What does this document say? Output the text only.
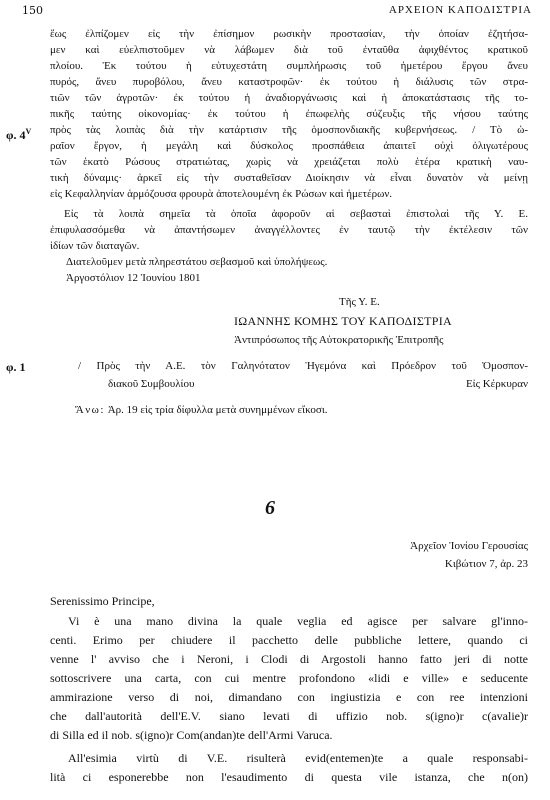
150	ΑΡΧΕΙΟΝ ΚΑΠΟΔΙΣΤΡΙΑ
ἕως ἐλπίζομεν εἰς τὴν ἐπίσημον ρωσικὴν προστασίαν, τὴν ὁποίαν ἐζητήσα-
μεν καὶ εὐελπιστοῦμεν νὰ λάβωμεν διὰ τοῦ ἐνταῦθα ἀφιχθέντος κρατικοῦ
πλοίου. Ἐκ τούτου ἡ εὐτυχεστάτη συμπλήρωσις τοῦ ἡμετέρου ἔργου ἄνευ
πυρός, ἄνευ πυροβόλου, ἄνευ καταστροφῶν· ἐκ τούτου ἡ διάλυσις τῶν στρα-
τιῶν τῶν ἀγροτῶν· ἐκ τούτου ἡ ἀναδιοργάνωσις καὶ ἡ ἀποκατάστασις τῆς το-
πικῆς ταύτης οἰκονομίας· ἐκ τούτου ἡ ἐπωφελὴς σύζευξις τῆς νήσου ταύτης
πρὸς τὰς λοιπὰς διὰ τὴν κατάρτισιν τῆς ὁμοσπονδιακῆς κυβερνήσεως. / Τὸ ὡ-
ραῖον ἔργον, ἡ μεγάλη καὶ δύσκολος προσπάθεια ἀπαιτεῖ οὐχὶ ὀλιγωτέρους
τῶν ἑκατὸ Ρώσους στρατιώτας, χωρὶς νὰ χρειάζεται πολὺ ἑτέρα κρατικὴ ναυ-
τικὴ δύναμις· ἀρκεῖ εἰς τὴν συσταθεῖσαν Διοίκησιν νὰ εἶναι δυνατὸν νὰ μείνῃ
εἰς Κεφαλληνίαν ἁρμόζουσα φρουρὰ ἀποτελουμένη ἐκ Ρώσων καὶ ἡμετέρων.
φ. $4^V$
Εἰς τὰ λοιπὰ σημεῖα τὰ ὁποῖα ἀφοροῦν αἱ σεβασταὶ ἐπιστολαὶ τῆς Υ. Ε.
ἐπιφυλασσόμεθα νὰ ἀπαντήσωμεν ἀναγγέλλοντες ἐν ταυτῷ τὴν ἐκτέλεσιν τῶν
ἰδίων τῶν διαταγῶν.
Διατελοῦμεν μετὰ πληρεστάτου σεβασμοῦ καὶ ὑπολήψεως.
Ἀργοστόλιον 12 Ἰουνίου 1801
Τῆς Υ. Ε.
ΙΩΑΝΝΗΣ ΚΟΜΗΣ ΤΟΥ ΚΑΠΟΔΙΣΤΡΙΑ
Ἀντιπρόσωπος τῆς Αὐτοκρατορικῆς Ἐπιτροπῆς
φ. 1	/ Πρὸς τὴν Α.Ε. τὸν Γαληνότατον Ἡγεμόνα καὶ Πρόεδρον τοῦ Ὁμοσπον-
διακοῦ Συμβουλίου	Εἰς Κέρκυραν
Ἄνω: Ἀρ. 19 εἰς τρία δίφυλλα μετὰ συνημμένων εἴκοσι.
6
Ἀρχεῖον Ἰονίου Γερουσίας
Κιβώτιον 7, ἀρ. 23
Serenissimo Principe,
Vi è una mano divina la quale veglia ed agisce per salvare gl'inno-
centi. Erimo per chiudere il pacchetto delle pubbliche lettere, quando ci
venne l' avviso che i Neroni, i Clodi di Argostoli hanno fatto jeri di notte
sottoscrivere una carta, con cui mentre profondono «lidi e ville» e seducente
ammirazione verso di noi, dimandano con ingiustizia e con ree intenzioni
che dall'autorità dell'E.V. siano levati di uffizio nob. s(igno)r c(avalie)r
di Silla ed il nob. s(igno)r Com(andan)te dell'Armi Varuca.
All'esimia virtù di V.E. risulterà evid(entemen)te a quale responsabi-
lità ci esponerebbe non l'esaudimento di questa vile istanza, che n(on)
